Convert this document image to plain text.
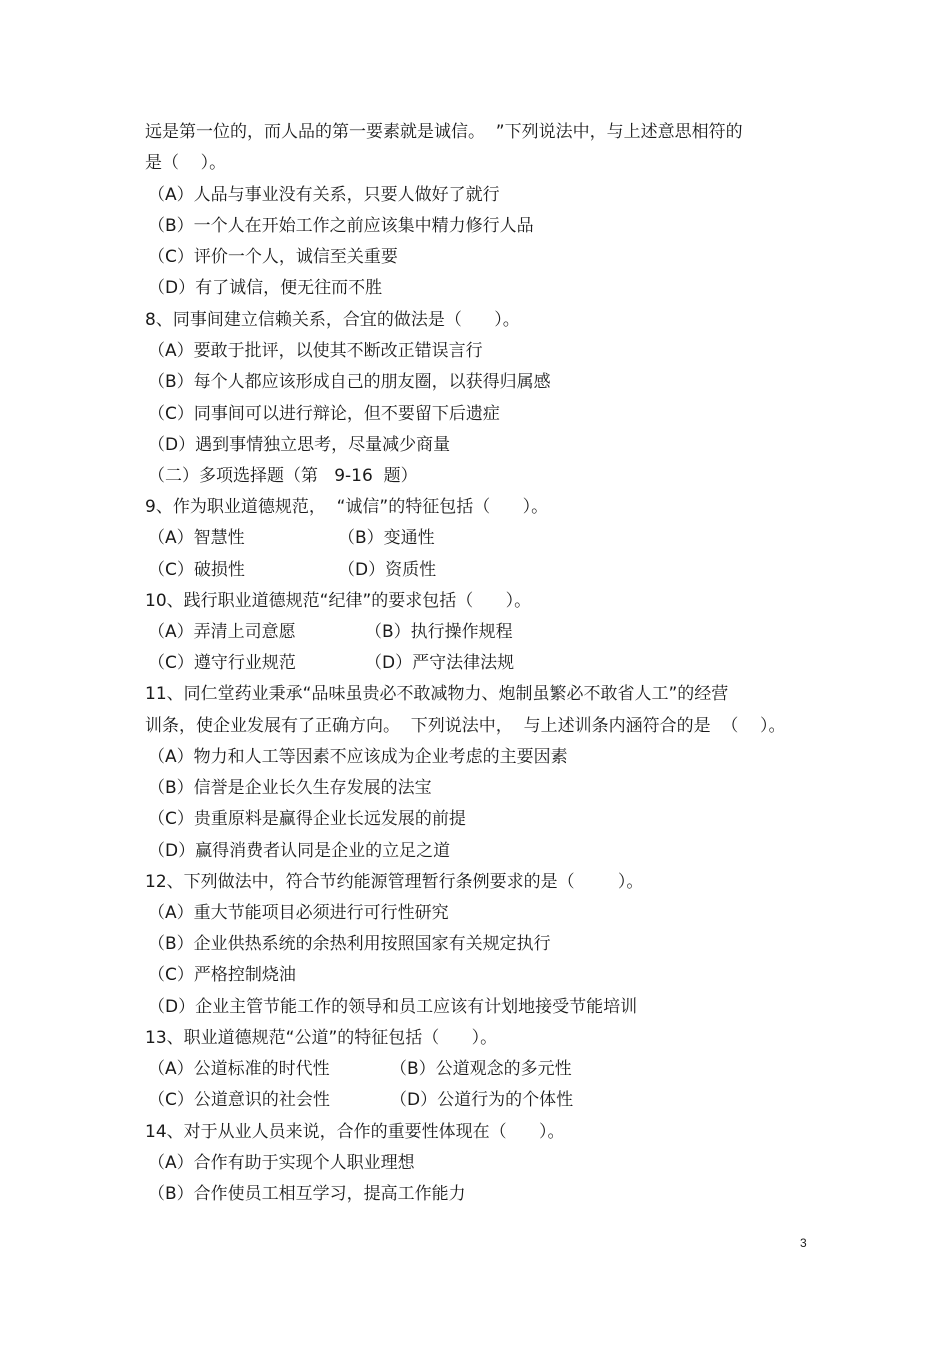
远是第一位的，而人品的第一要素就是诚信。  ”下列说法中，与上述意思相符的
是（    ）。
（A）人品与事业没有关系，只要人做好了就行
（B）一个人在开始工作之前应该集中精力修行人品
（C）评价一个人，诚信至关重要
（D）有了诚信，便无往而不胜
8、同事间建立信赖关系，合宜的做法是（      ）。
（A）要敢于批评，以使其不断改正错误言行
（B）每个人都应该形成自己的朋友圈，以获得归属感
（C）同事间可以进行辩论，但不要留下后遗症
（D）遇到事情独立思考，尽量减少商量
（二）多项选择题（第   9-16  题）
9、作为职业道德规范，  “诚信”的特征包括（      ）。
（A）智慧性	（B）变通性
（C）破损性	（D）资质性
10、践行职业道德规范“纪律”的要求包括（      ）。
（A）弄清上司意愿	（B）执行操作规程
（C）遵守行业规范	（D）严守法律法规
11、同仁堂药业秉承“品味虽贵必不敢减物力、炮制虽繁必不敢省人工”的经营
训条，使企业发展有了正确方向。  下列说法中，  与上述训条内涵符合的是  （    ）。
（A）物力和人工等因素不应该成为企业考虑的主要因素
（B）信誉是企业长久生存发展的法宝
（C）贵重原料是赢得企业长远发展的前提
（D）赢得消费者认同是企业的立足之道
12、下列做法中，符合节约能源管理暂行条例要求的是（        ）。
（A）重大节能项目必须进行可行性研究
（B）企业供热系统的余热利用按照国家有关规定执行
（C）严格控制烧油
（D）企业主管节能工作的领导和员工应该有计划地接受节能培训
13、职业道德规范“公道”的特征包括（      ）。
（A）公道标准的时代性	（B）公道观念的多元性
（C）公道意识的社会性	（D）公道行为的个体性
14、对于从业人员来说，合作的重要性体现在（      ）。
（A）合作有助于实现个人职业理想
（B）合作使员工相互学习，提高工作能力
3
